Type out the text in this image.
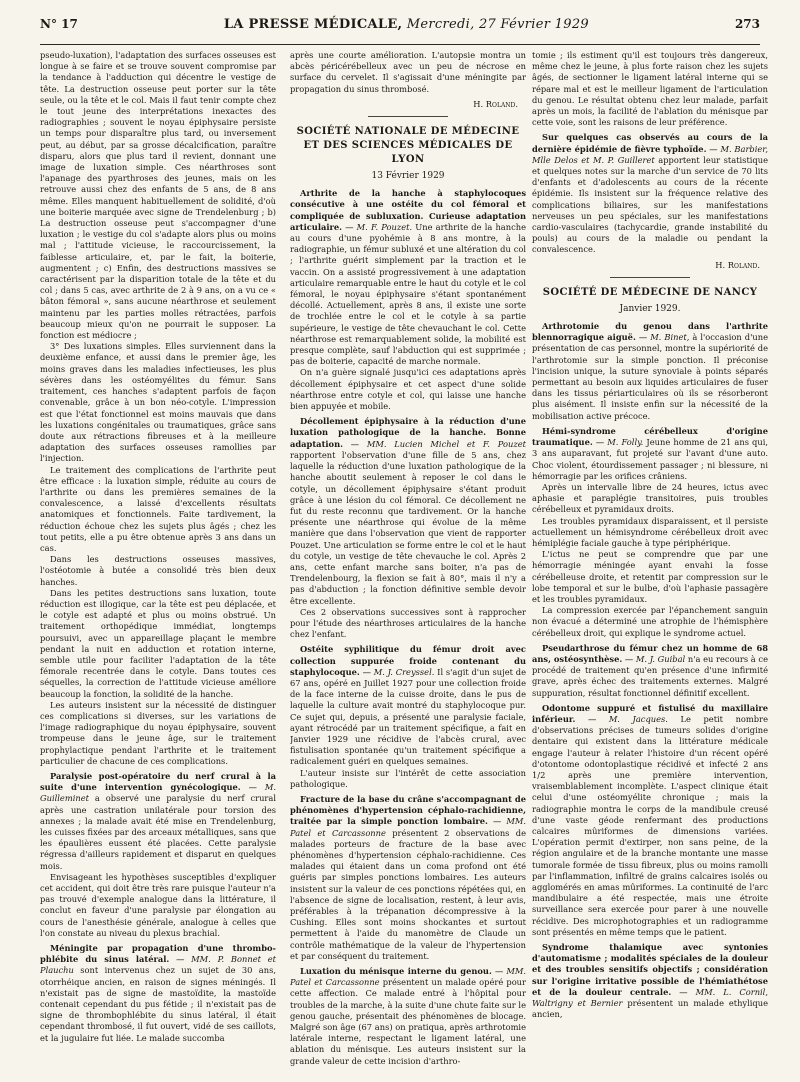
N° 17	LA PRESSE MÉDICALE, Mercredi, 27 Février 1929	273

pseudo-luxation), l'adaptation des surfaces osseuses est longue à se faire et se trouve souvent compromise par la tendance à l'adduction qui décentre le vestige de tête. La destruction osseuse peut porter sur la tête seule, ou la tête et le col. Mais il faut tenir compte chez le tout jeune des interprétations inexactes des radiographies ; souvent le noyau épiphysaire persiste un temps pour disparaître plus tard, ou inversement peut, au début, par sa grosse décalcification, paraître disparu, alors que plus tard il revient, donnant une image de luxation simple. Ces néarthroses sont l'apanage des pyarthroses des jeunes, mais on les retrouve aussi chez des enfants de 5 ans, de 8 ans même. Elles manquent habituellement de solidité, d'où une boiterie marquée avec signe de Trendelenburg ; b) La destruction osseuse peut s'accompagner d'une luxation ; le vestige du col s'adapte alors plus ou moins mal ; l'attitude vicieuse, le raccourcissement, la faiblesse articulaire, et, par le fait, la boiterie, augmentent ; c) Enfin, des destructions massives se caractérisent par la disparition totale de la tête et du col ; dans 5 cas, avec arthrite de 2 à 9 ans, on a vu ce « bâton fémoral », sans aucune néarthrose et seulement maintenu par les parties molles rétractées, parfois beaucoup mieux qu'on ne pourrait le supposer. La fonction est médiocre ;

3° Des luxations simples. Elles surviennent dans la deuxième enfance, et aussi dans le premier âge, les moins graves dans les maladies infectieuses, les plus sévères dans les ostéomyélites du fémur. Sans traitement, ces hanches s'adaptent parfois de façon convenable, grâce à un bon néo-cotyle. L'impression est que l'état fonctionnel est moins mauvais que dans les luxations congénitales ou traumatiques, grâce sans doute aux rétractions fibreuses et à la meilleure adaptation des surfaces osseuses ramollies par l'injection.

Le traitement des complications de l'arthrite peut être efficace : la luxation simple, réduite au cours de l'arthrite ou dans les premières semaines de la convalescence, a laissé d'excellents résultats anatomiques et fonctionnels. Faite tardivement, la réduction échoue chez les sujets plus âgés ; chez les tout petits, elle a pu être obtenue après 3 ans dans un cas.

Dans les destructions osseuses massives, l'ostéotomie à butée a consolidé très bien deux hanches.

Dans les petites destructions sans luxation, toute réduction est illogique, car la tête est peu déplacée, et le cotyle est adapté et plus ou moins obstrué. Un traitement orthopédique immédiat, longtemps poursuivi, avec un appareillage plaçant le membre pendant la nuit en adduction et rotation interne, semble utile pour faciliter l'adaptation de la tête fémorale recentrée dans le cotyle. Dans toutes ces séquelles, la correction de l'attitude vicieuse améliore beaucoup la fonction, la solidité de la hanche.

Les auteurs insistent sur la nécessité de distinguer ces complications si diverses, sur les variations de l'image radiographique du noyau épiphysaire, souvent trompeuse dans le jeune âge, sur le traitement prophylactique pendant l'arthrite et le traitement particulier de chacune de ces complications.

Paralysie post-opératoire du nerf crural à la suite d'une intervention gynécologique. — M. Guilleminet a observé une paralysie du nerf crural après une castration unilatérale pour torsion des annexes ; la malade avait été mise en Trendelenburg, les cuisses fixées par des arceaux métalliques, sans que les épaulières eussent été placées. Cette paralysie régressa d'ailleurs rapidement et disparut en quelques mois.

Envisageant les hypothèses susceptibles d'expliquer cet accident, qui doit être très rare puisque l'auteur n'a pas trouvé d'exemple analogue dans la littérature, il conclut en faveur d'une paralysie par élongation au cours de l'anesthésie générale, analogue à celles que l'on constate au niveau du plexus brachial.

Méningite par propagation d'une thrombo-phlébite du sinus latéral. — MM. P. Bonnet et Plauchu sont intervenus chez un sujet de 30 ans, otorrhéique ancien, en raison de signes méningés. Il n'existait pas de signe de mastoïdite, la mastoïde contenait cependant du pus fétide ; il n'existait pas de signe de thrombophlébite du sinus latéral, il était cependant thrombosé, il fut ouvert, vidé de ses caillots, et la jugulaire fut liée. Le malade succomba

après une courte amélioration. L'autopsie montra un abcès péricérébelleux avec un peu de nécrose en surface du cervelet. Il s'agissait d'une méningite par propagation du sinus thrombosé.

H. Roland.
SOCIÉTÉ NATIONALE DE MÉDECINE
ET DES SCIENCES MÉDICALES DE LYON
13 Février 1929

Arthrite de la hanche à staphylocoques consécutive à une ostéite du col fémoral et compliquée de subluxation. Curieuse adaptation articulaire. — M. F. Pouzet. Une arthrite de la hanche au cours d'une pyohémie à 8 ans montre, à la radiographie, un fémur subluxé et une altération du col ; l'arthrite guérit simplement par la traction et le vaccin. On a assisté progressivement à une adaptation articulaire remarquable entre le haut du cotyle et le col fémoral, le noyau épiphysaire s'étant spontanément décollé. Actuellement, après 8 ans, il existe une sorte de trochlée entre le col et le cotyle à sa partie supérieure, le vestige de tête chevauchant le col. Cette néarthrose est remarquablement solide, la mobilité est presque complète, sauf l'abduction qui est supprimée ; pas de boiterie, capacité de marche normale.

On n'a guère signalé jusqu'ici ces adaptations après décollement épiphysaire et cet aspect d'une solide néarthrose entre cotyle et col, qui laisse une hanche bien appuyée et mobile.

Décollement épiphysaire à la réduction d'une luxation pathologique de la hanche. Bonne adaptation. — MM. Lucien Michel et F. Pouzet rapportent l'observation d'une fille de 5 ans, chez laquelle la réduction d'une luxation pathologique de la hanche aboutit seulement à reposer le col dans le cotyle, un décollement épiphysaire s'étant produit grâce à une lésion du col fémoral. Ce décollement ne fut du reste reconnu que tardivement. Or la hanche présente une néarthrose qui évolue de la même manière que dans l'observation que vient de rapporter Pouzet. Une articulation se forme entre le col et le haut du cotyle, un vestige de tête chevauche le col. Après 2 ans, cette enfant marche sans boiter, n'a pas de Trendelenbourg, la flexion se fait à 80°, mais il n'y a pas d'abduction ; la fonction définitive semble devoir être excellente.

Ces 2 observations successives sont à rapprocher pour l'étude des néarthroses articulaires de la hanche chez l'enfant.

Ostéite syphilitique du fémur droit avec collection suppurée froide contenant du staphylocoque. — M. J. Creyssel. Il s'agit d'un sujet de 67 ans, opéré en Juillet 1927 pour une collection froide de la face interne de la cuisse droite, dans le pus de laquelle la culture avait montré du staphylocoque pur. Ce sujet qui, depuis, a présenté une paralysie faciale, ayant rétrocédé par un traitement spécifique, a fait en Janvier 1929 une récidive de l'abcès crural, avec fistulisation spontanée qu'un traitement spécifique a radicalement guéri en quelques semaines.

L'auteur insiste sur l'intérêt de cette association pathologique.

Fracture de la base du crâne s'accompagnant de phénomènes d'hypertension céphalo-rachidienne, traitée par la simple ponction lombaire. — MM. Patel et Carcassonne présentent 2 observations de malades porteurs de fracture de la base avec phénomènes d'hypertension céphalo-rachidienne. Ces malades qui étaient dans un coma profond ont été guéris par simples ponctions lombaires. Les auteurs insistent sur la valeur de ces ponctions répétées qui, en l'absence de signe de localisation, restent, à leur avis, préférables à la trépanation décompressive à la Cushing. Elles sont moins shockantes et surtout permettent à l'aide du manomètre de Claude un contrôle mathématique de la valeur de l'hypertension et par conséquent du traitement.

Luxation du ménisque interne du genou. — MM. Patel et Carcassonne présentent un malade opéré pour cette affection. Ce malade entré à l'hôpital pour troubles de la marche, à la suite d'une chute faite sur le genou gauche, présentait des phénomènes de blocage. Malgré son âge (67 ans) on pratiqua, après arthrotomie latérale interne, respectant le ligament latéral, une ablation du ménisque. Les auteurs insistent sur la grande valeur de cette incision d'arthro-

tomie ; ils estiment qu'il est toujours très dangereux, même chez le jeune, à plus forte raison chez les sujets âgés, de sectionner le ligament latéral interne qui se répare mal et est le meilleur ligament de l'articulation du genou. Le résultat obtenu chez leur malade, parfait après un mois, la facilité de l'ablation du ménisque par cette voie, sont les raisons de leur préférence.

Sur quelques cas observés au cours de la dernière épidémie de fièvre typhoïde. — M. Barbier, Mlle Delos et M. P. Guilleret apportent leur statistique et quelques notes sur la marche d'un service de 70 lits d'enfants et d'adolescents au cours de la récente épidémie. Ils insistent sur la fréquence relative des complications biliaires, sur les manifestations nerveuses un peu spéciales, sur les manifestations cardio-vasculaires (tachycardie, grande instabilité du pouls) au cours de la maladie ou pendant la convalescence.

H. Roland.
SOCIÉTÉ DE MÉDECINE DE NANCY
Janvier 1929.

Arthrotomie du genou dans l'arthrite blennorragique aiguë. — M. Binet, à l'occasion d'une présentation de cas personnel, montre la supériorité de l'arthrotomie sur la simple ponction. Il préconise l'incision unique, la suture synoviale à points séparés permettant au besoin aux liquides articulaires de fuser dans les tissus périarticulaires où ils se résorberont plus aisément. Il insiste enfin sur la nécessité de la mobilisation active précoce.

Hémi-syndrome cérébelleux d'origine traumatique. — M. Folly. Jeune homme de 21 ans qui, 3 ans auparavant, fut projeté sur l'avant d'une auto. Choc violent, étourdissement passager ; ni blessure, ni hémorragie par les orifices crâniens.

Après un intervalle libre de 24 heures, ictus avec aphasie et paraplégie transitoires, puis troubles cérébelleux et pyramidaux droits.

Les troubles pyramidaux disparaissent, et il persiste actuellement un hémisyndrome cérébelleux droit avec hémiplégie faciale gauche à type périphérique.

L'ictus ne peut se comprendre que par une hémorragie méningée ayant envahi la fosse cérébelleuse droite, et retentit par compression sur le lobe temporal et sur le bulbe, d'où l'aphasie passagère et les troubles pyramidaux.

La compression exercée par l'épanchement sanguin non évacué a déterminé une atrophie de l'hémisphère cérébelleux droit, qui explique le syndrome actuel.

Pseudarthrose du fémur chez un homme de 68 ans, ostéosynthèse. — M. J. Guibal n'a eu recours à ce procédé de traitement qu'en présence d'une infirmité grave, après échec des traitements externes. Malgré suppuration, résultat fonctionnel définitif excellent.

Odontome suppuré et fistulisé du maxillaire inférieur. — M. Jacques. Le petit nombre d'observations précises de tumeurs solides d'origine dentaire qui existent dans la littérature médicale engage l'auteur à relater l'histoire d'un récent opéré d'otontome odontoplastique récidivé et infecté 2 ans 1/2 après une première intervention, vraisemblablement incomplète. L'aspect clinique était celui d'une ostéomyélite chronique ; mais la radiographie montra le corps de la mandibule creusé d'une vaste géode renfermant des productions calcaires mûriformes de dimensions variées. L'opération permit d'extirper, non sans peine, de la région angulaire et de la branche montante une masse tumorale formée de tissu fibreux, plus ou moins ramolli par l'inflammation, infiltré de grains calcaires isolés ou agglomérés en amas mûriformes. La continuité de l'arc mandibulaire a été respectée, mais une étroite surveillance sera exercée pour parer à une nouvelle récidive. Des microphotographies et un radiogramme sont présentés en même temps que le patient.

Syndrome thalamique avec syntonies d'automatisme ; modalités spéciales de la douleur et des troubles sensitifs objectifs ; considération sur l'origine irritative possible de l'hémiathétose et de la douleur centrale. — MM. L. Cornil, Waltrigny et Bernier présentent un malade ethylique ancien,
